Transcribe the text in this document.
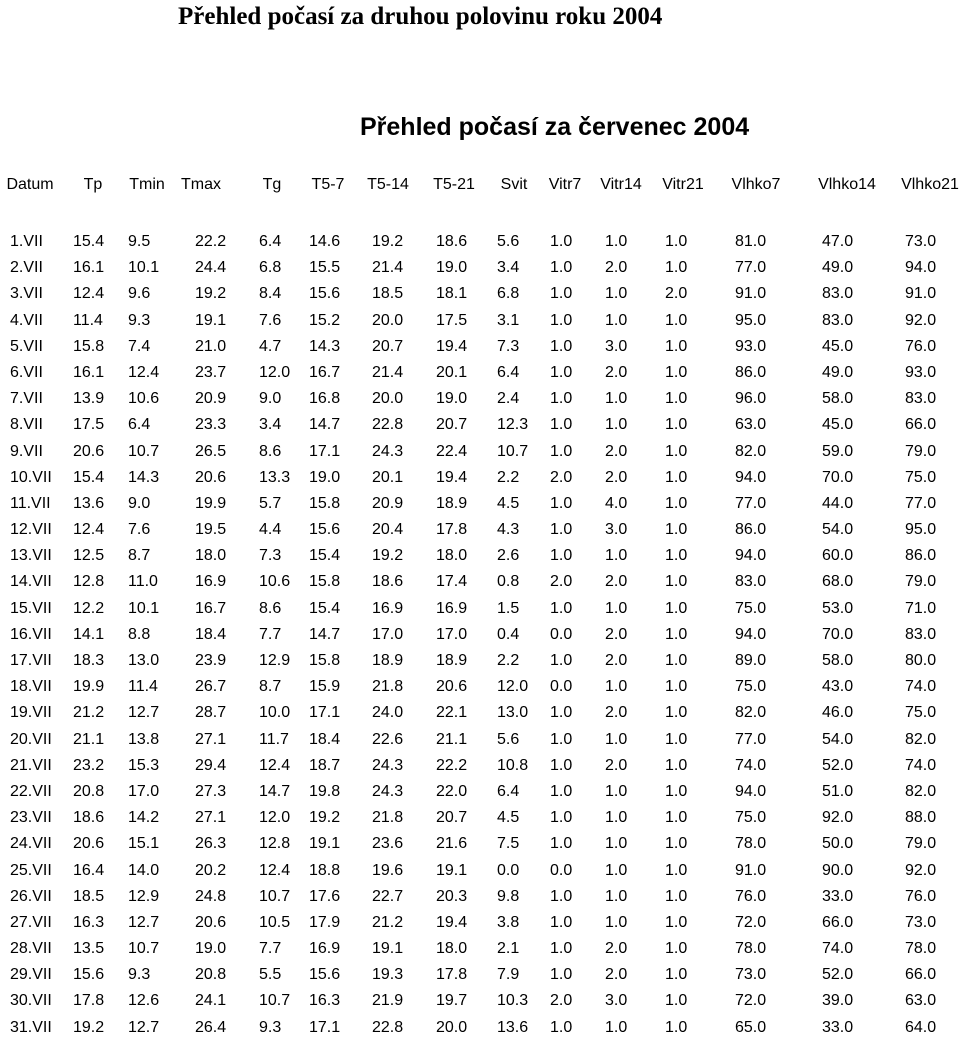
Přehled počasí za druhou polovinu roku 2004
Přehled počasí za červenec 2004
Datum	Tp Tmin Tmax	Tg T5-7 T5-14 T5-21 Svit Vitr7 Vitr14 Vitr21 Vlhko7 Vlhko14 Vlhko21
1.VII 15.4 9.5	22.2 6.4 14.6 19.2 18.6 5.6 1.0 1.0 1.0	81.0	47.0	73.0
2.VII 16.1 10.1 24.4 6.8 15.5 21.4 19.0 3.4 1.0 2.0 1.0	77.0	49.0	94.0
3.VII 12.4 9.6	19.2 8.4 15.6 18.5 18.1 6.8 1.0 1.0 2.0	91.0	83.0	91.0
4.VII 11.4 9.3	19.1 7.6 15.2 20.0 17.5 3.1 1.0 1.0 1.0	95.0	83.0	92.0
5.VII 15.8 7.4	21.0 4.7 14.3 20.7 19.4 7.3 1.0 3.0 1.0	93.0	45.0	76.0
6.VII 16.1 12.4 23.7 12.0 16.7 21.4 20.1 6.4 1.0 2.0 1.0	86.0	49.0	93.0
7.VII 13.9 10.6 20.9 9.0 16.8 20.0 19.0 2.4 1.0 1.0 1.0	96.0	58.0	83.0
8.VII 17.5 6.4	23.3 3.4 14.7 22.8 20.7 12.3 1.0 1.0 1.0	63.0	45.0	66.0
9.VII 20.6 10.7 26.5 8.6 17.1 24.3 22.4 10.7 1.0 2.0 1.0	82.0	59.0	79.0
10.VII 15.4 14.3 20.6 13.3 19.0 20.1 19.4 2.2 2.0 2.0 1.0	94.0	70.0	75.0
11.VII 13.6 9.0	19.9 5.7 15.8 20.9 18.9 4.5 1.0 4.0 1.0	77.0	44.0	77.0
12.VII 12.4 7.6	19.5 4.4 15.6 20.4 17.8 4.3 1.0 3.0 1.0	86.0	54.0	95.0
13.VII 12.5 8.7	18.0 7.3 15.4 19.2 18.0 2.6 1.0 1.0 1.0	94.0	60.0	86.0
14.VII 12.8 11.0 16.9 10.6 15.8 18.6 17.4 0.8 2.0 2.0 1.0	83.0	68.0	79.0
15.VII 12.2 10.1 16.7 8.6 15.4 16.9 16.9 1.5 1.0 1.0 1.0	75.0	53.0	71.0
16.VII 14.1 8.8	18.4 7.7 14.7 17.0 17.0 0.4 0.0 2.0 1.0	94.0	70.0	83.0
17.VII 18.3 13.0 23.9 12.9 15.8 18.9 18.9 2.2 1.0 2.0 1.0	89.0	58.0	80.0
18.VII 19.9 11.4 26.7 8.7 15.9 21.8 20.6 12.0 0.0 1.0 1.0	75.0	43.0	74.0
19.VII 21.2 12.7 28.7 10.0 17.1 24.0 22.1 13.0 1.0 2.0 1.0	82.0	46.0	75.0
20.VII 21.1 13.8 27.1 11.7 18.4 22.6 21.1 5.6 1.0 1.0 1.0	77.0	54.0	82.0
21.VII 23.2 15.3 29.4 12.4 18.7 24.3 22.2 10.8 1.0 2.0 1.0	74.0	52.0	74.0
22.VII 20.8 17.0 27.3 14.7 19.8 24.3 22.0 6.4 1.0 1.0 1.0	94.0	51.0	82.0
23.VII 18.6 14.2 27.1 12.0 19.2 21.8 20.7 4.5 1.0 1.0 1.0	75.0	92.0	88.0
24.VII 20.6 15.1 26.3 12.8 19.1 23.6 21.6 7.5 1.0 1.0 1.0	78.0	50.0	79.0
25.VII 16.4 14.0 20.2 12.4 18.8 19.6 19.1 0.0 0.0 1.0 1.0	91.0	90.0	92.0
26.VII 18.5 12.9 24.8 10.7 17.6 22.7 20.3 9.8 1.0 1.0 1.0	76.0	33.0	76.0
27.VII 16.3 12.7 20.6 10.5 17.9 21.2 19.4 3.8 1.0 1.0 1.0	72.0	66.0	73.0
28.VII 13.5 10.7 19.0 7.7 16.9 19.1 18.0 2.1 1.0 2.0 1.0	78.0	74.0	78.0
29.VII 15.6 9.3	20.8 5.5 15.6 19.3 17.8 7.9 1.0 2.0 1.0	73.0	52.0	66.0
30.VII 17.8 12.6 24.1 10.7 16.3 21.9 19.7 10.3 2.0 3.0 1.0	72.0	39.0	63.0
31.VII 19.2 12.7 26.4 9.3 17.1 22.8 20.0 13.6 1.0 1.0 1.0	65.0	33.0	64.0
